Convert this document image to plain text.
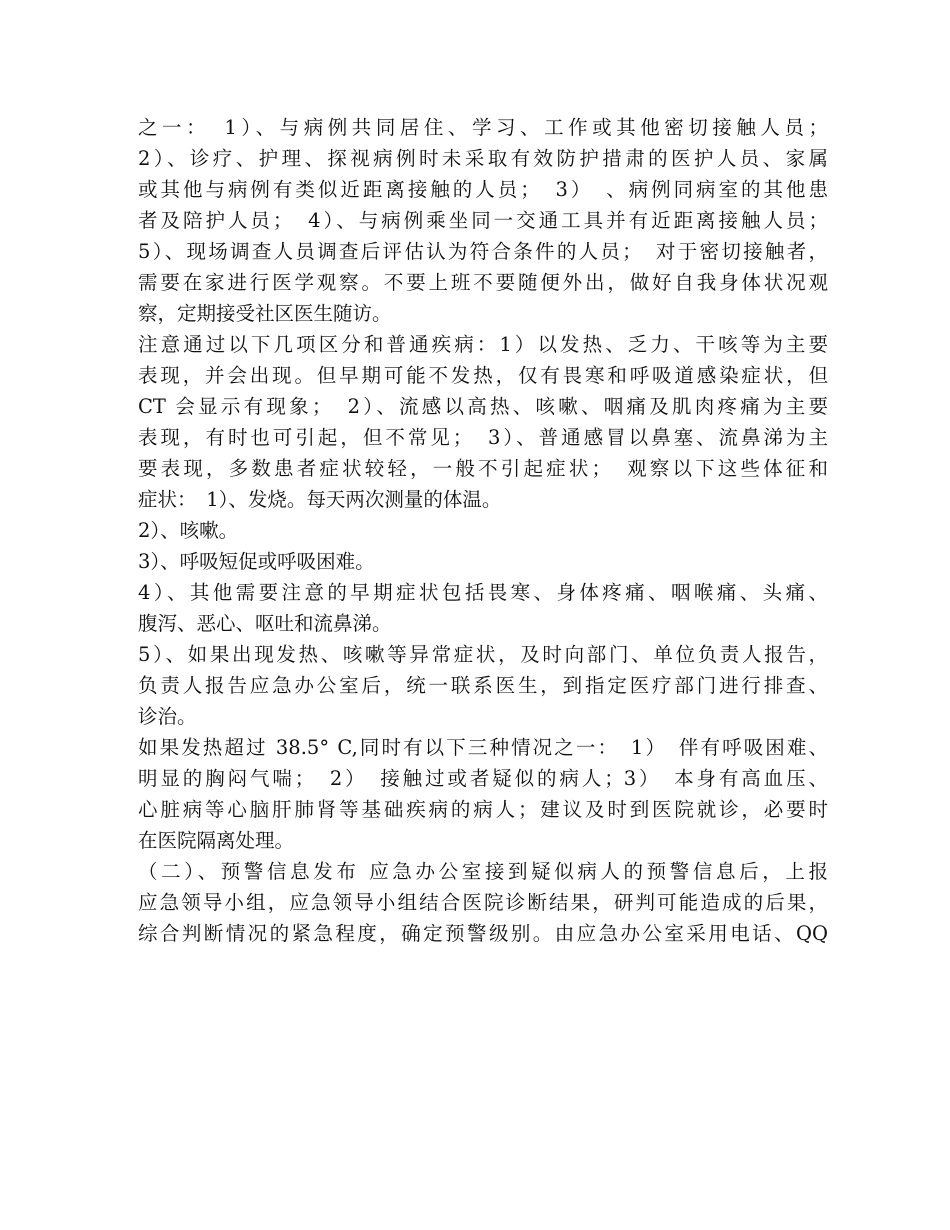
之一：　1）、与病例共同居住、学习、工作或其他密切接触人员；
2）、诊疗、护理、探视病例时未采取有效防护措肃的医护人员、家属
或其他与病例有类似近距离接触的人员；　3）　、病例同病室的其他患
者及陪护人员；　4）、与病例乘坐同一交通工具并有近距离接触人员；
5）、现场调查人员调查后评估认为符合条件的人员；　对于密切接触者，
需要在家进行医学观察。不要上班不要随便外出，做好自我身体状况观
察，定期接受社区医生随访。
注意通过以下几项区分和普通疾病：1）以发热、乏力、干咳等为主要
表现，并会出现。但早期可能不发热，仅有畏寒和呼吸道感染症状，但
CT 会显示有现象；　2）、流感以高热、咳嗽、咽痛及肌肉疼痛为主要
表现，有时也可引起，但不常见；　3）、普通感冒以鼻塞、流鼻涕为主
要表现，多数患者症状较轻，一般不引起症状；　观察以下这些体征和
症状：　1）、发烧。每天两次测量的体温。
2）、咳嗽。
3）、呼吸短促或呼吸困难。
4）、其他需要注意的早期症状包括畏寒、身体疼痛、咽喉痛、头痛、
腹泻、恶心、呕吐和流鼻涕。
5）、如果出现发热、咳嗽等异常症状，及时向部门、单位负责人报告，
负责人报告应急办公室后，统一联系医生，到指定医疗部门进行排查、
诊治。
如果发热超过 38.5° C,同时有以下三种情况之一：　1）　伴有呼吸困难、
明显的胸闷气喘；　2）　接触过或者疑似的病人；3）　本身有高血压、
心脏病等心脑肝肺肾等基础疾病的病人；建议及时到医院就诊，必要时
在医院隔离处理。
（二）、预警信息发布 应急办公室接到疑似病人的预警信息后，上报
应急领导小组，应急领导小组结合医院诊断结果，研判可能造成的后果，
综合判断情况的紧急程度，确定预警级别。由应急办公室采用电话、QQ
